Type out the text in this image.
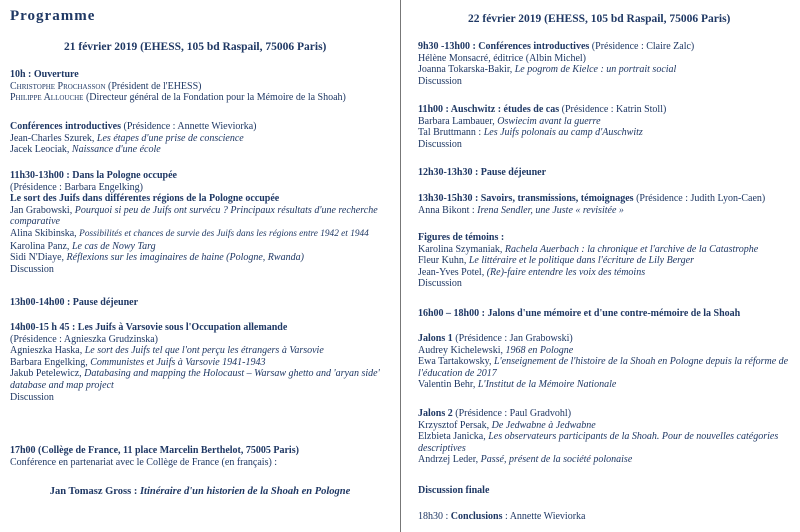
Programme
21 février 2019 (EHESS, 105 bd Raspail, 75006 Paris)
10h : Ouverture
Christophe Prochasson (Président de l'EHESS)
Philippe Allouche (Directeur général de la Fondation pour la Mémoire de la Shoah)
Conférences introductives (Présidence : Annette Wieviorka)
Jean-Charles Szurek, Les étapes d'une prise de conscience
Jacek Leociak, Naissance d'une école
11h30-13h00 : Dans la Pologne occupée
(Présidence : Barbara Engelking)
Le sort des Juifs dans différentes régions de la Pologne occupée
Jan Grabowski, Pourquoi si peu de Juifs ont survécu ? Principaux résultats d'une recherche comparative
Alina Skibinska, Possibilités et chances de survie des Juifs dans les régions entre 1942 et 1944
Karolina Panz, Le cas de Nowy Targ
Sidi N'Diaye, Réflexions sur les imaginaires de haine (Pologne, Rwanda)
Discussion
13h00-14h00 : Pause déjeuner
14h00-15 h 45 : Les Juifs à Varsovie sous l'Occupation allemande
(Présidence : Agnieszka Grudzinska)
Agnieszka Haska, Le sort des Juifs tel que l'ont perçu les étrangers à Varsovie
Barbara Engelking, Communistes et Juifs à Varsovie 1941-1943
Jakub Petelewicz, Databasing and mapping the Holocaust – Warsaw ghetto and 'aryan side' database and map project
Discussion
17h00 (Collège de France, 11 place Marcelin Berthelot, 75005 Paris)
Conférence en partenariat avec le Collège de France (en français) :
Jan Tomasz Gross : Itinéraire d'un historien de la Shoah en Pologne
22 février 2019 (EHESS, 105 bd Raspail, 75006 Paris)
9h30 -13h00 : Conférences introductives (Présidence : Claire Zalc)
Hélène Monsacré, éditrice (Albin Michel)
Joanna Tokarska-Bakir, Le pogrom de Kielce : un portrait social
Discussion
11h00 : Auschwitz : études de cas (Présidence : Katrin Stoll)
Barbara Lambauer, Oswiecim avant la guerre
Tal Bruttmann : Les Juifs polonais au camp d'Auschwitz
Discussion
12h30-13h30 : Pause déjeuner
13h30-15h30 : Savoirs, transmissions, témoignages (Présidence : Judith Lyon-Caen)
Anna Bikont : Irena Sendler, une Juste « revisitée »
Figures de témoins :
Karolina Szymaniak, Rachela Auerbach : la chronique et l'archive de la Catastrophe
Fleur Kuhn, Le littéraire et le politique dans l'écriture de Lily Berger
Jean-Yves Potel, (Re)-faire entendre les voix des témoins
Discussion
16h00 – 18h00 : Jalons d'une mémoire et d'une contre-mémoire de la Shoah
Jalons 1 (Présidence : Jan Grabowski)
Audrey Kichelewski, 1968 en Pologne
Ewa Tartakowsky, L'enseignement de l'histoire de la Shoah en Pologne depuis la réforme de l'éducation de 2017
Valentin Behr, L'Institut de la Mémoire Nationale
Jalons 2 (Présidence : Paul Gradvohl)
Krzysztof Persak, De Jedwabne à Jedwabne
Elzbieta Janicka, Les observateurs participants de la Shoah. Pour de nouvelles catégories descriptives
Andrzej Leder, Passé, présent de la société polonaise
Discussion finale
18h30 : Conclusions : Annette Wieviorka
